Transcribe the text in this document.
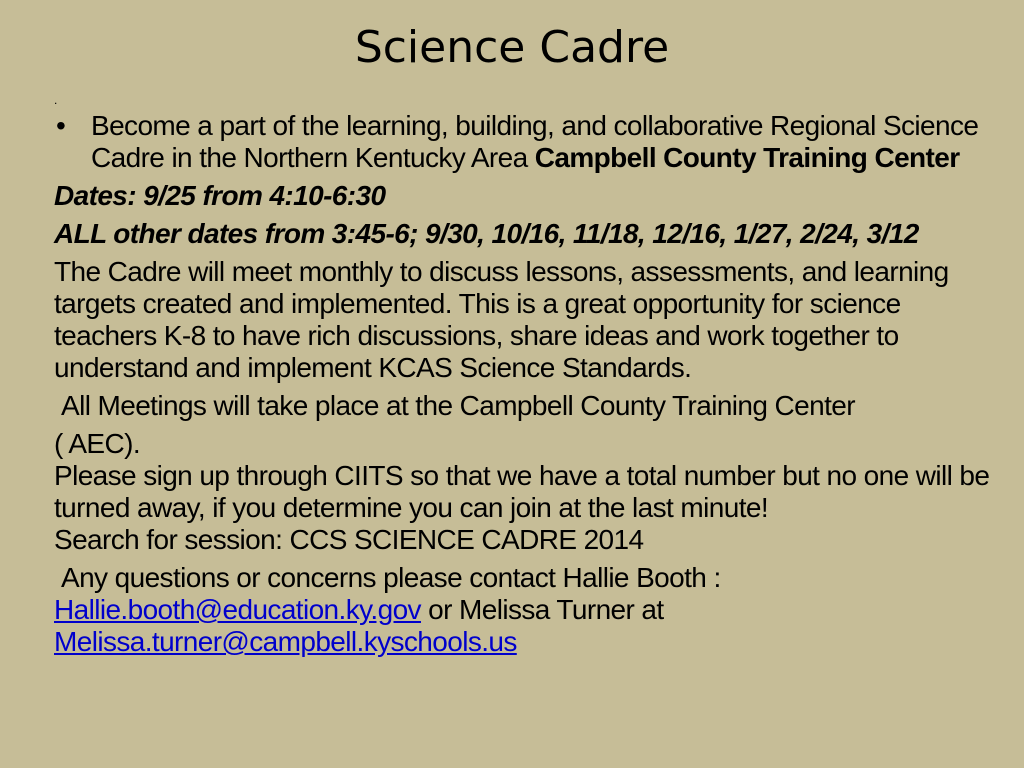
Science Cadre
.
• Become a part of the learning, building, and collaborative Regional Science Cadre in the Northern Kentucky Area Campbell County Training Center

Dates: 9/25 from 4:10-6:30

ALL other dates from 3:45-6; 9/30, 10/16, 11/18, 12/16, 1/27, 2/24, 3/12

The Cadre will meet monthly to discuss lessons, assessments, and learning targets created and implemented. This is a great opportunity for science teachers K-8 to have rich discussions, share ideas and work together to understand and implement KCAS Science Standards.

All Meetings will take place at the Campbell County Training Center

( AEC).

Please sign up through CIITS so that we have a total number but no one will be turned away, if you determine you can join at the last minute!

Search for session: CCS SCIENCE CADRE 2014

Any questions or concerns please contact Hallie Booth :

Hallie.booth@education.ky.gov or Melissa Turner at

Melissa.turner@campbell.kyschools.us
